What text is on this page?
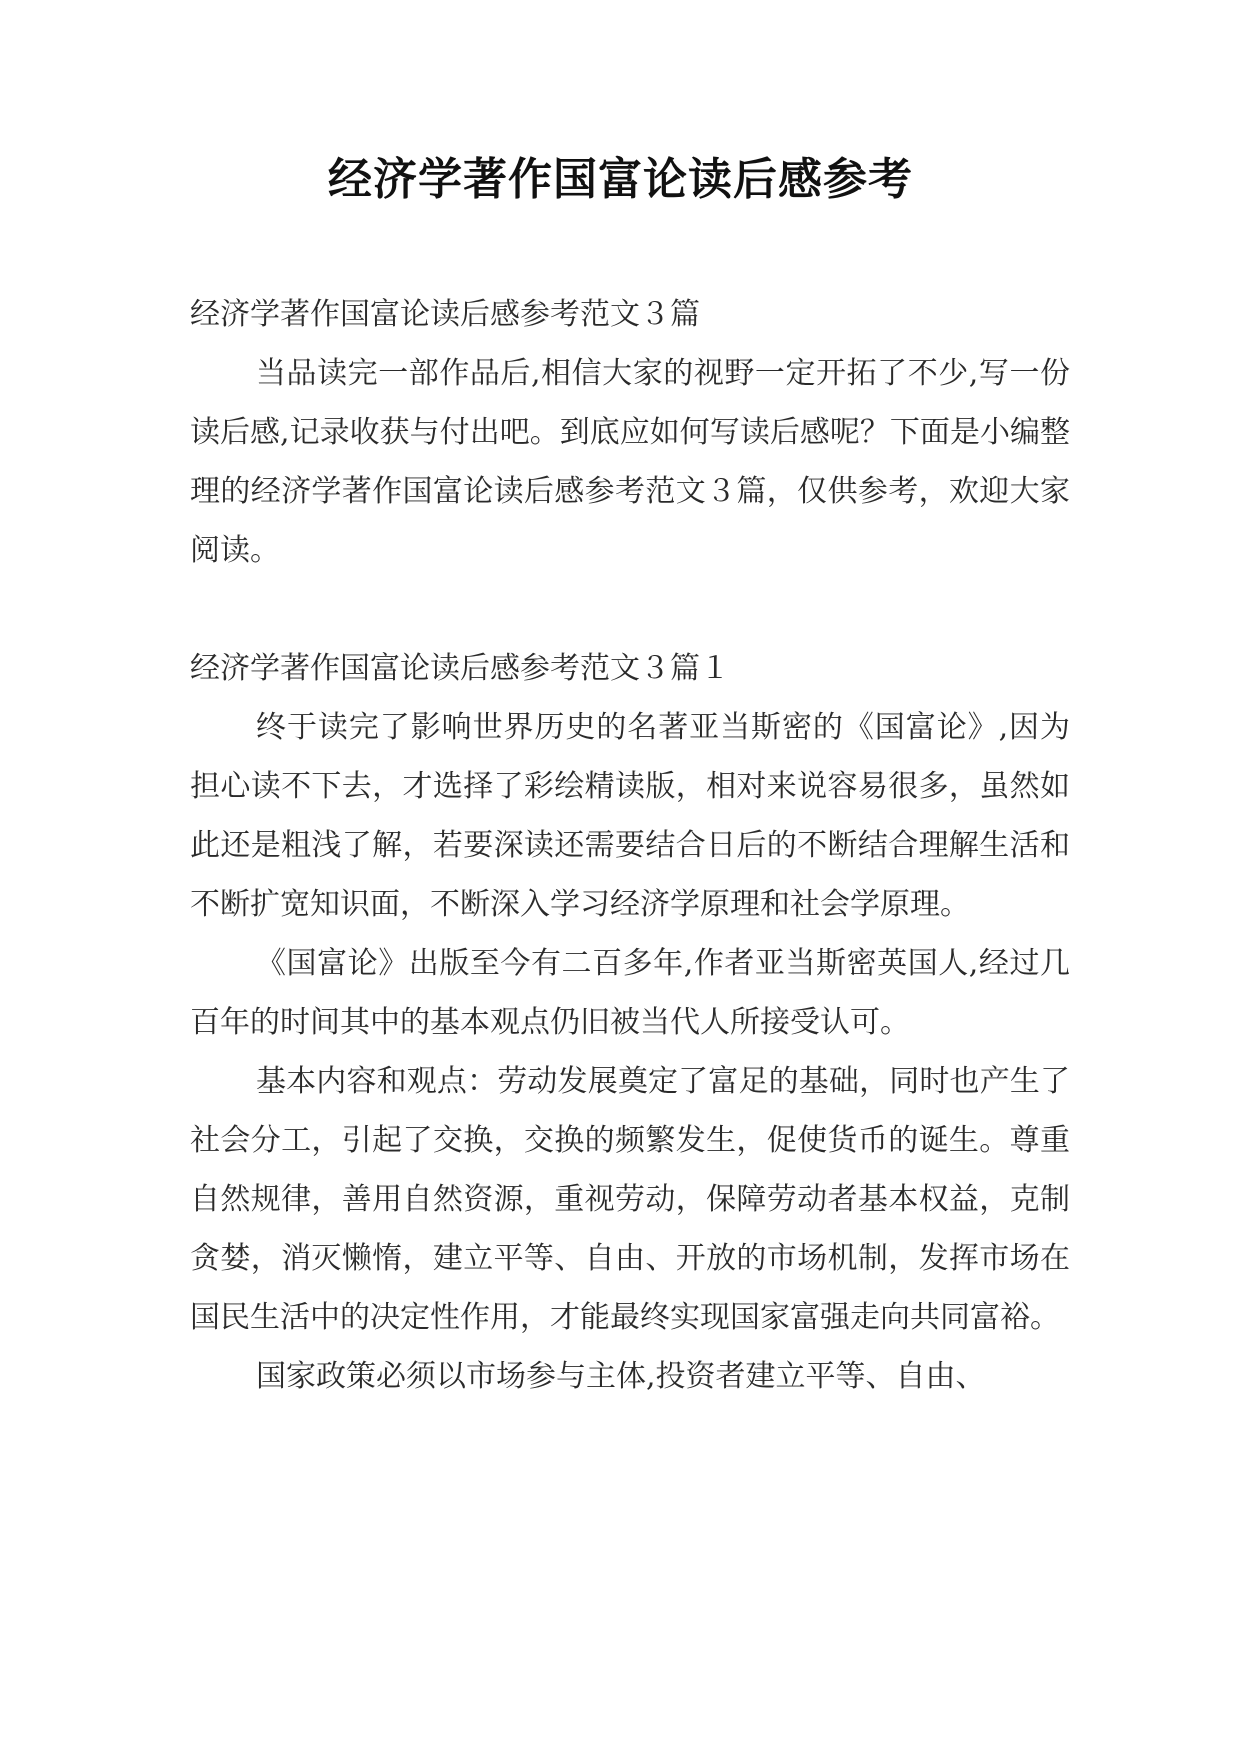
经济学著作国富论读后感参考

经济学著作国富论读后感参考范文３篇

当品读完一部作品后,相信大家的视野一定开拓了不少,写一份读后感,记录收获与付出吧。到底应如何写读后感呢？下面是小编整理的经济学著作国富论读后感参考范文３篇，仅供参考，欢迎大家阅读。

经济学著作国富论读后感参考范文３篇１

终于读完了影响世界历史的名著亚当斯密的《国富论》,因为担心读不下去，才选择了彩绘精读版，相对来说容易很多，虽然如此还是粗浅了解，若要深读还需要结合日后的不断结合理解生活和不断扩宽知识面，不断深入学习经济学原理和社会学原理。

《国富论》出版至今有二百多年,作者亚当斯密英国人,经过几百年的时间其中的基本观点仍旧被当代人所接受认可。

基本内容和观点：劳动发展奠定了富足的基础，同时也产生了社会分工，引起了交换，交换的频繁发生，促使货币的诞生。尊重自然规律，善用自然资源，重视劳动，保障劳动者基本权益，克制贪婪，消灭懒惰，建立平等、自由、开放的市场机制，发挥市场在国民生活中的决定性作用，才能最终实现国家富强走向共同富裕。

国家政策必须以市场参与主体,投资者建立平等、自由、
